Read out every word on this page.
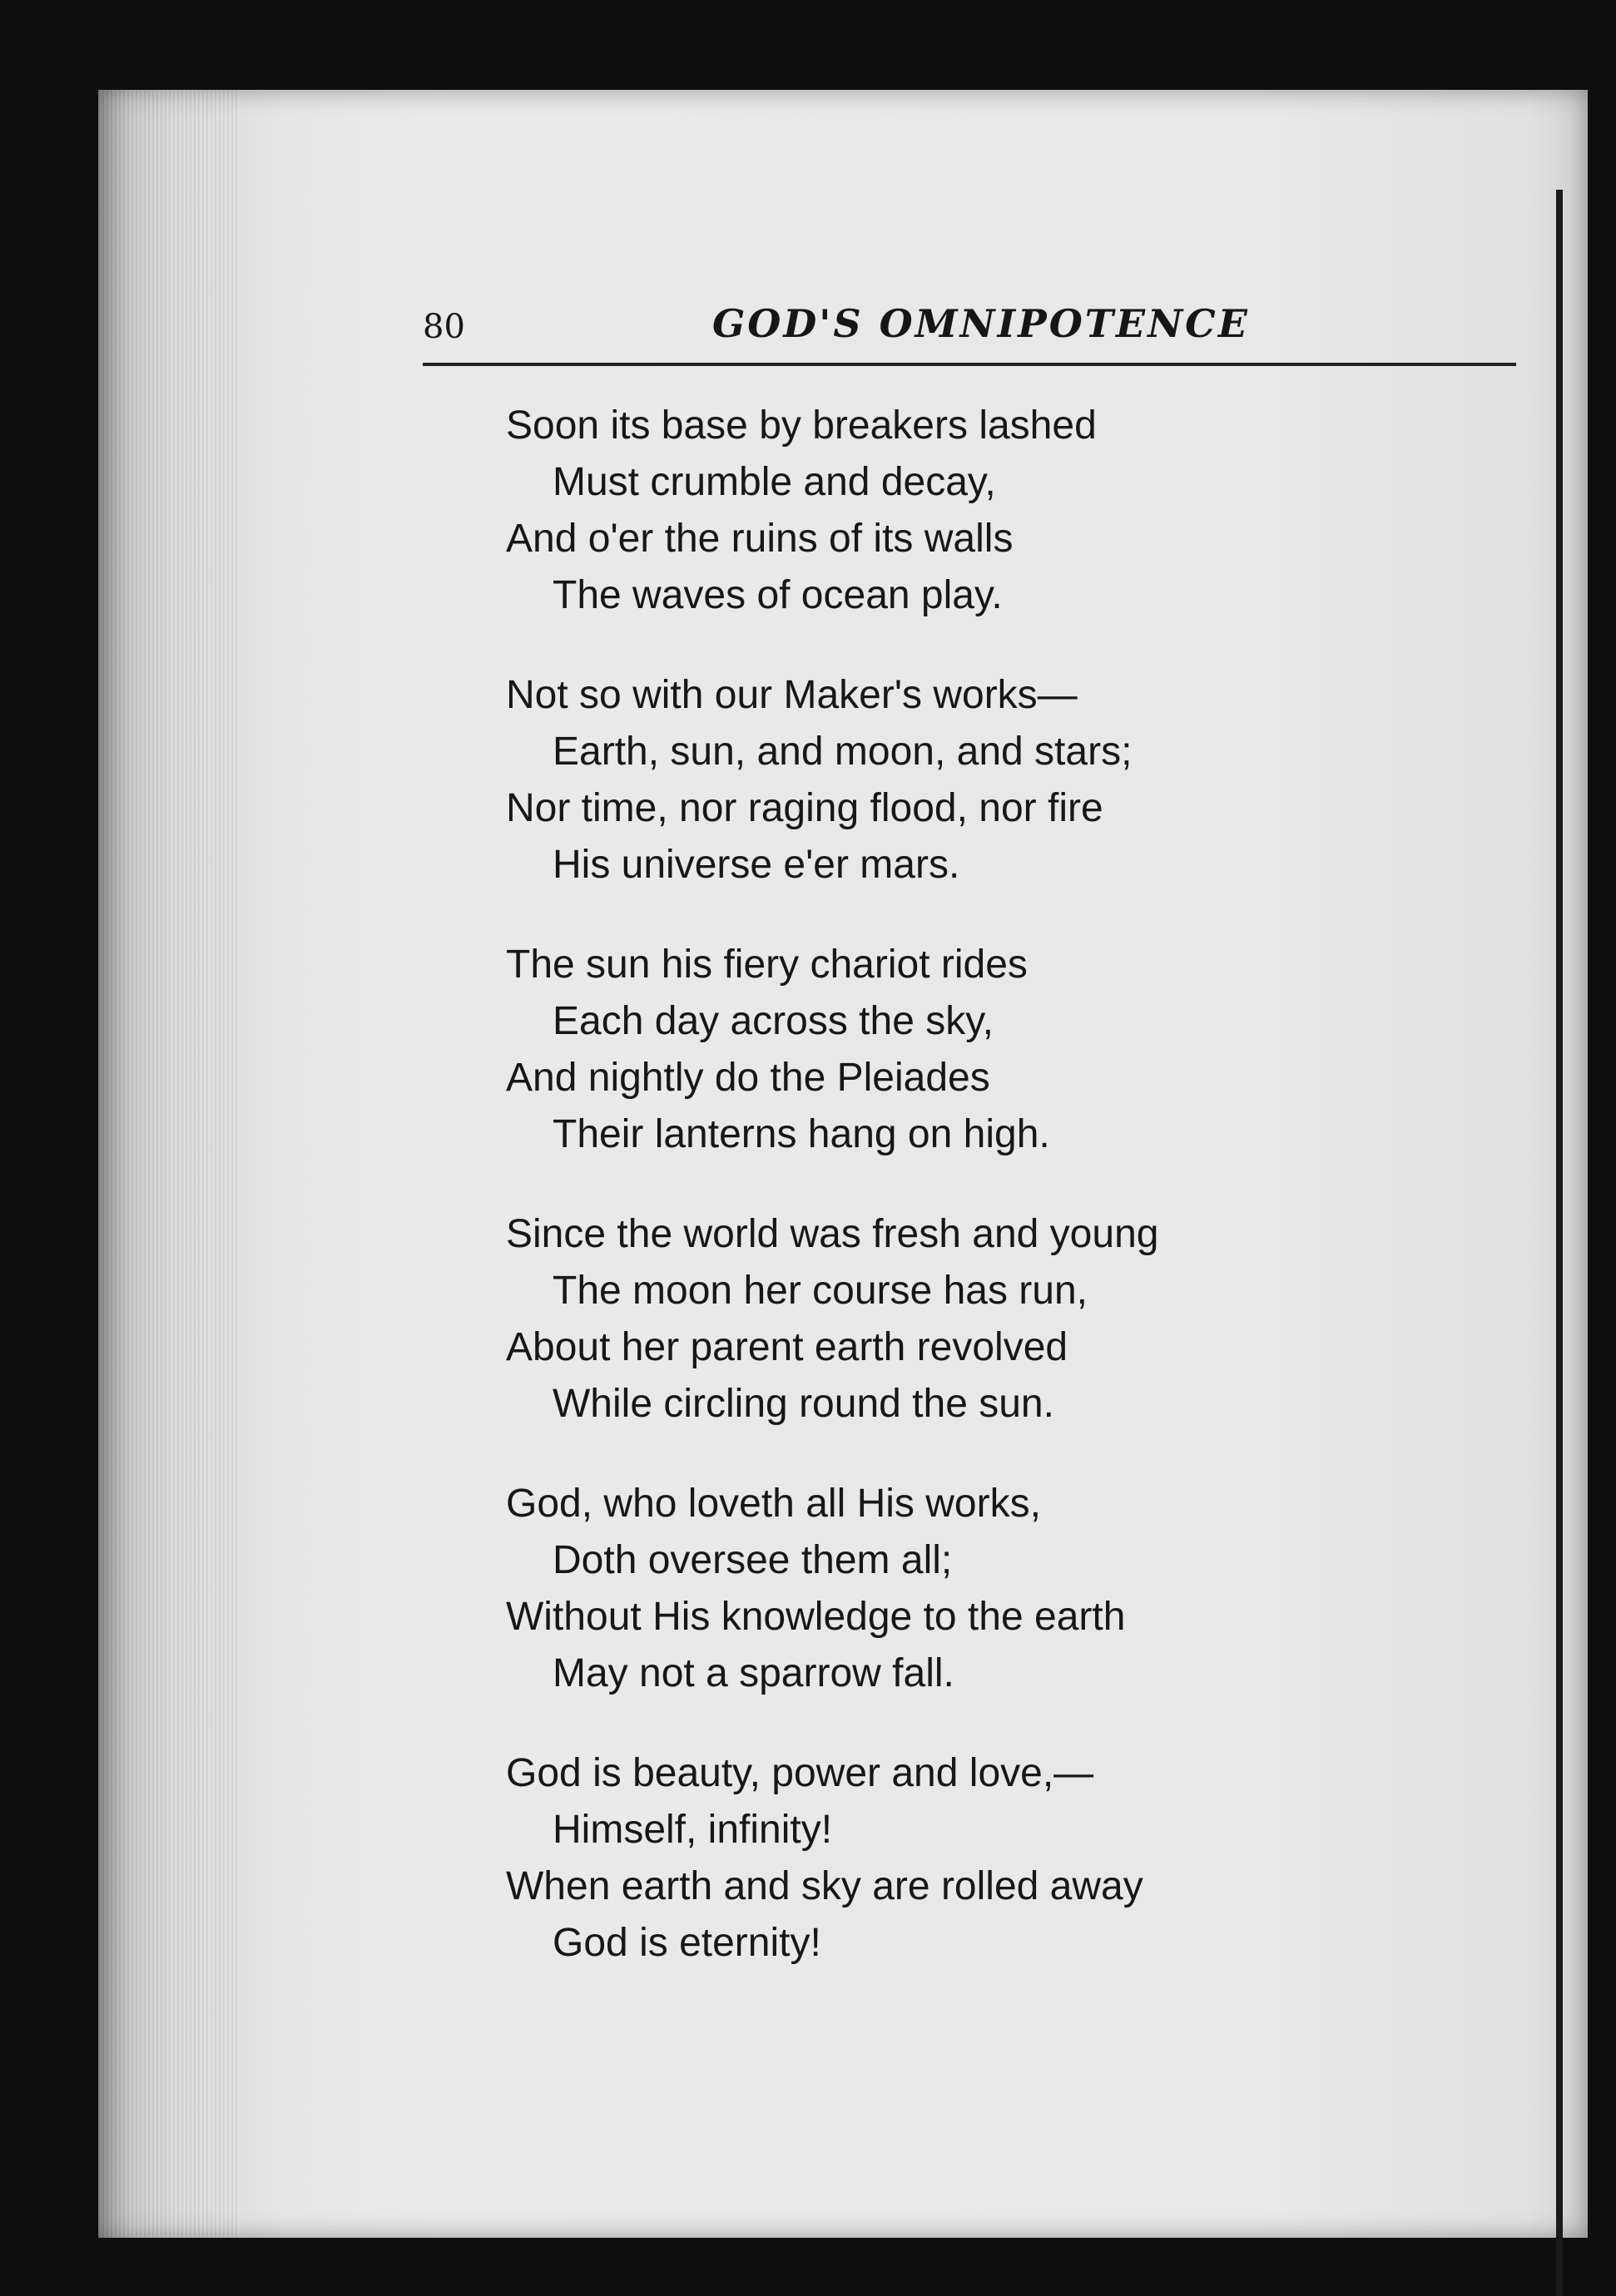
80	GOD'S OMNIPOTENCE
Soon its base by breakers lashed
Must crumble and decay,
And o'er the ruins of its walls
The waves of ocean play.
Not so with our Maker's works—
Earth, sun, and moon, and stars;
Nor time, nor raging flood, nor fire
His universe e'er mars.
The sun his fiery chariot rides
Each day across the sky,
And nightly do the Pleiades
Their lanterns hang on high.
Since the world was fresh and young
The moon her course has run,
About her parent earth revolved
While circling round the sun.
God, who loveth all His works,
Doth oversee them all;
Without His knowledge to the earth
May not a sparrow fall.
God is beauty, power and love,—
Himself, infinity!
When earth and sky are rolled away
God is eternity!
